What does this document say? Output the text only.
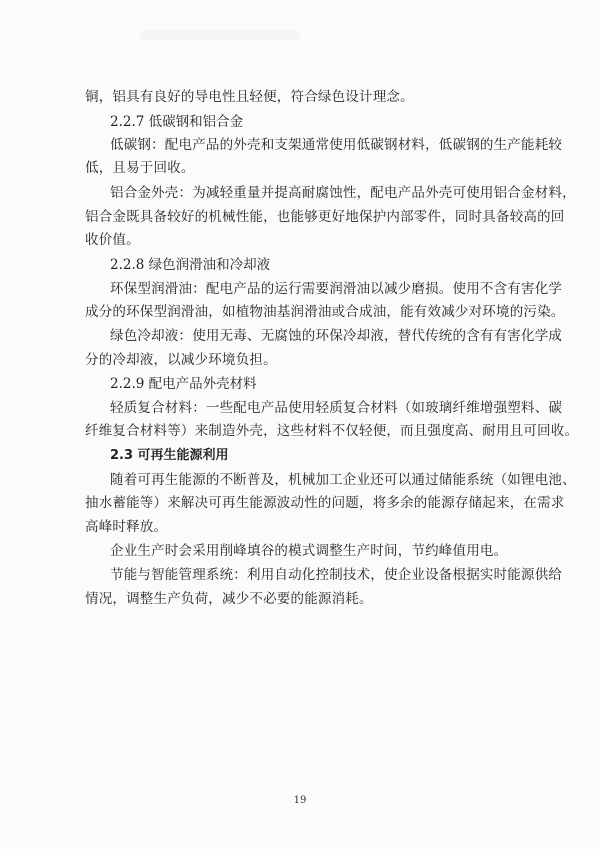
铜，铝具有良好的导电性且轻便，符合绿色设计理念。
2.2.7 低碳钢和铝合金
低碳钢：配电产品的外壳和支架通常使用低碳钢材料，低碳钢的生产能耗较
低，且易于回收。
铝合金外壳：为减轻重量并提高耐腐蚀性，配电产品外壳可使用铝合金材料，
铝合金既具备较好的机械性能，也能够更好地保护内部零件，同时具备较高的回
收价值。
2.2.8 绿色润滑油和冷却液
环保型润滑油：配电产品的运行需要润滑油以减少磨损。使用不含有害化学
成分的环保型润滑油，如植物油基润滑油或合成油，能有效减少对环境的污染。
绿色冷却液：使用无毒、无腐蚀的环保冷却液，替代传统的含有有害化学成
分的冷却液，以减少环境负担。
2.2.9 配电产品外壳材料
轻质复合材料：一些配电产品使用轻质复合材料（如玻璃纤维增强塑料、碳
纤维复合材料等）来制造外壳，这些材料不仅轻便，而且强度高、耐用且可回收。
2.3 可再生能源利用
随着可再生能源的不断普及，机械加工企业还可以通过储能系统（如锂电池、
抽水蓄能等）来解决可再生能源波动性的问题，将多余的能源存储起来，在需求
高峰时释放。
企业生产时会采用削峰填谷的模式调整生产时间，节约峰值用电。
节能与智能管理系统：利用自动化控制技术，使企业设备根据实时能源供给
情况，调整生产负荷，减少不必要的能源消耗。
19
